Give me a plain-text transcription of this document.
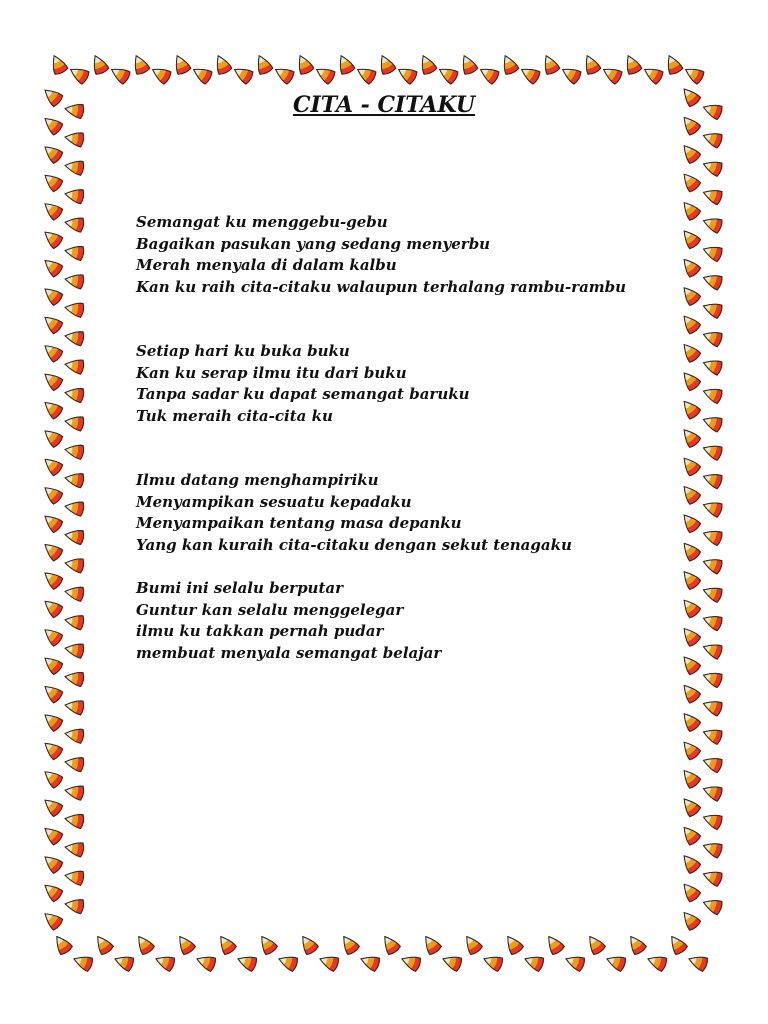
CITA - CITAKU
Semangat ku menggebu-gebu
Bagaikan pasukan yang sedang menyerbu
Merah menyala di dalam kalbu
Kan ku raih cita-citaku walaupun terhalang rambu-rambu
Setiap hari ku buka buku
Kan ku serap ilmu itu dari buku
Tanpa sadar ku dapat semangat baruku
Tuk meraih cita-cita ku
Ilmu datang menghampiriku
Menyampikan sesuatu kepadaku
Menyampaikan tentang masa depanku
Yang kan kuraih cita-citaku dengan sekut tenagaku
Bumi ini selalu berputar
Guntur kan selalu menggelegar
ilmu ku takkan pernah pudar
membuat menyala semangat belajar
